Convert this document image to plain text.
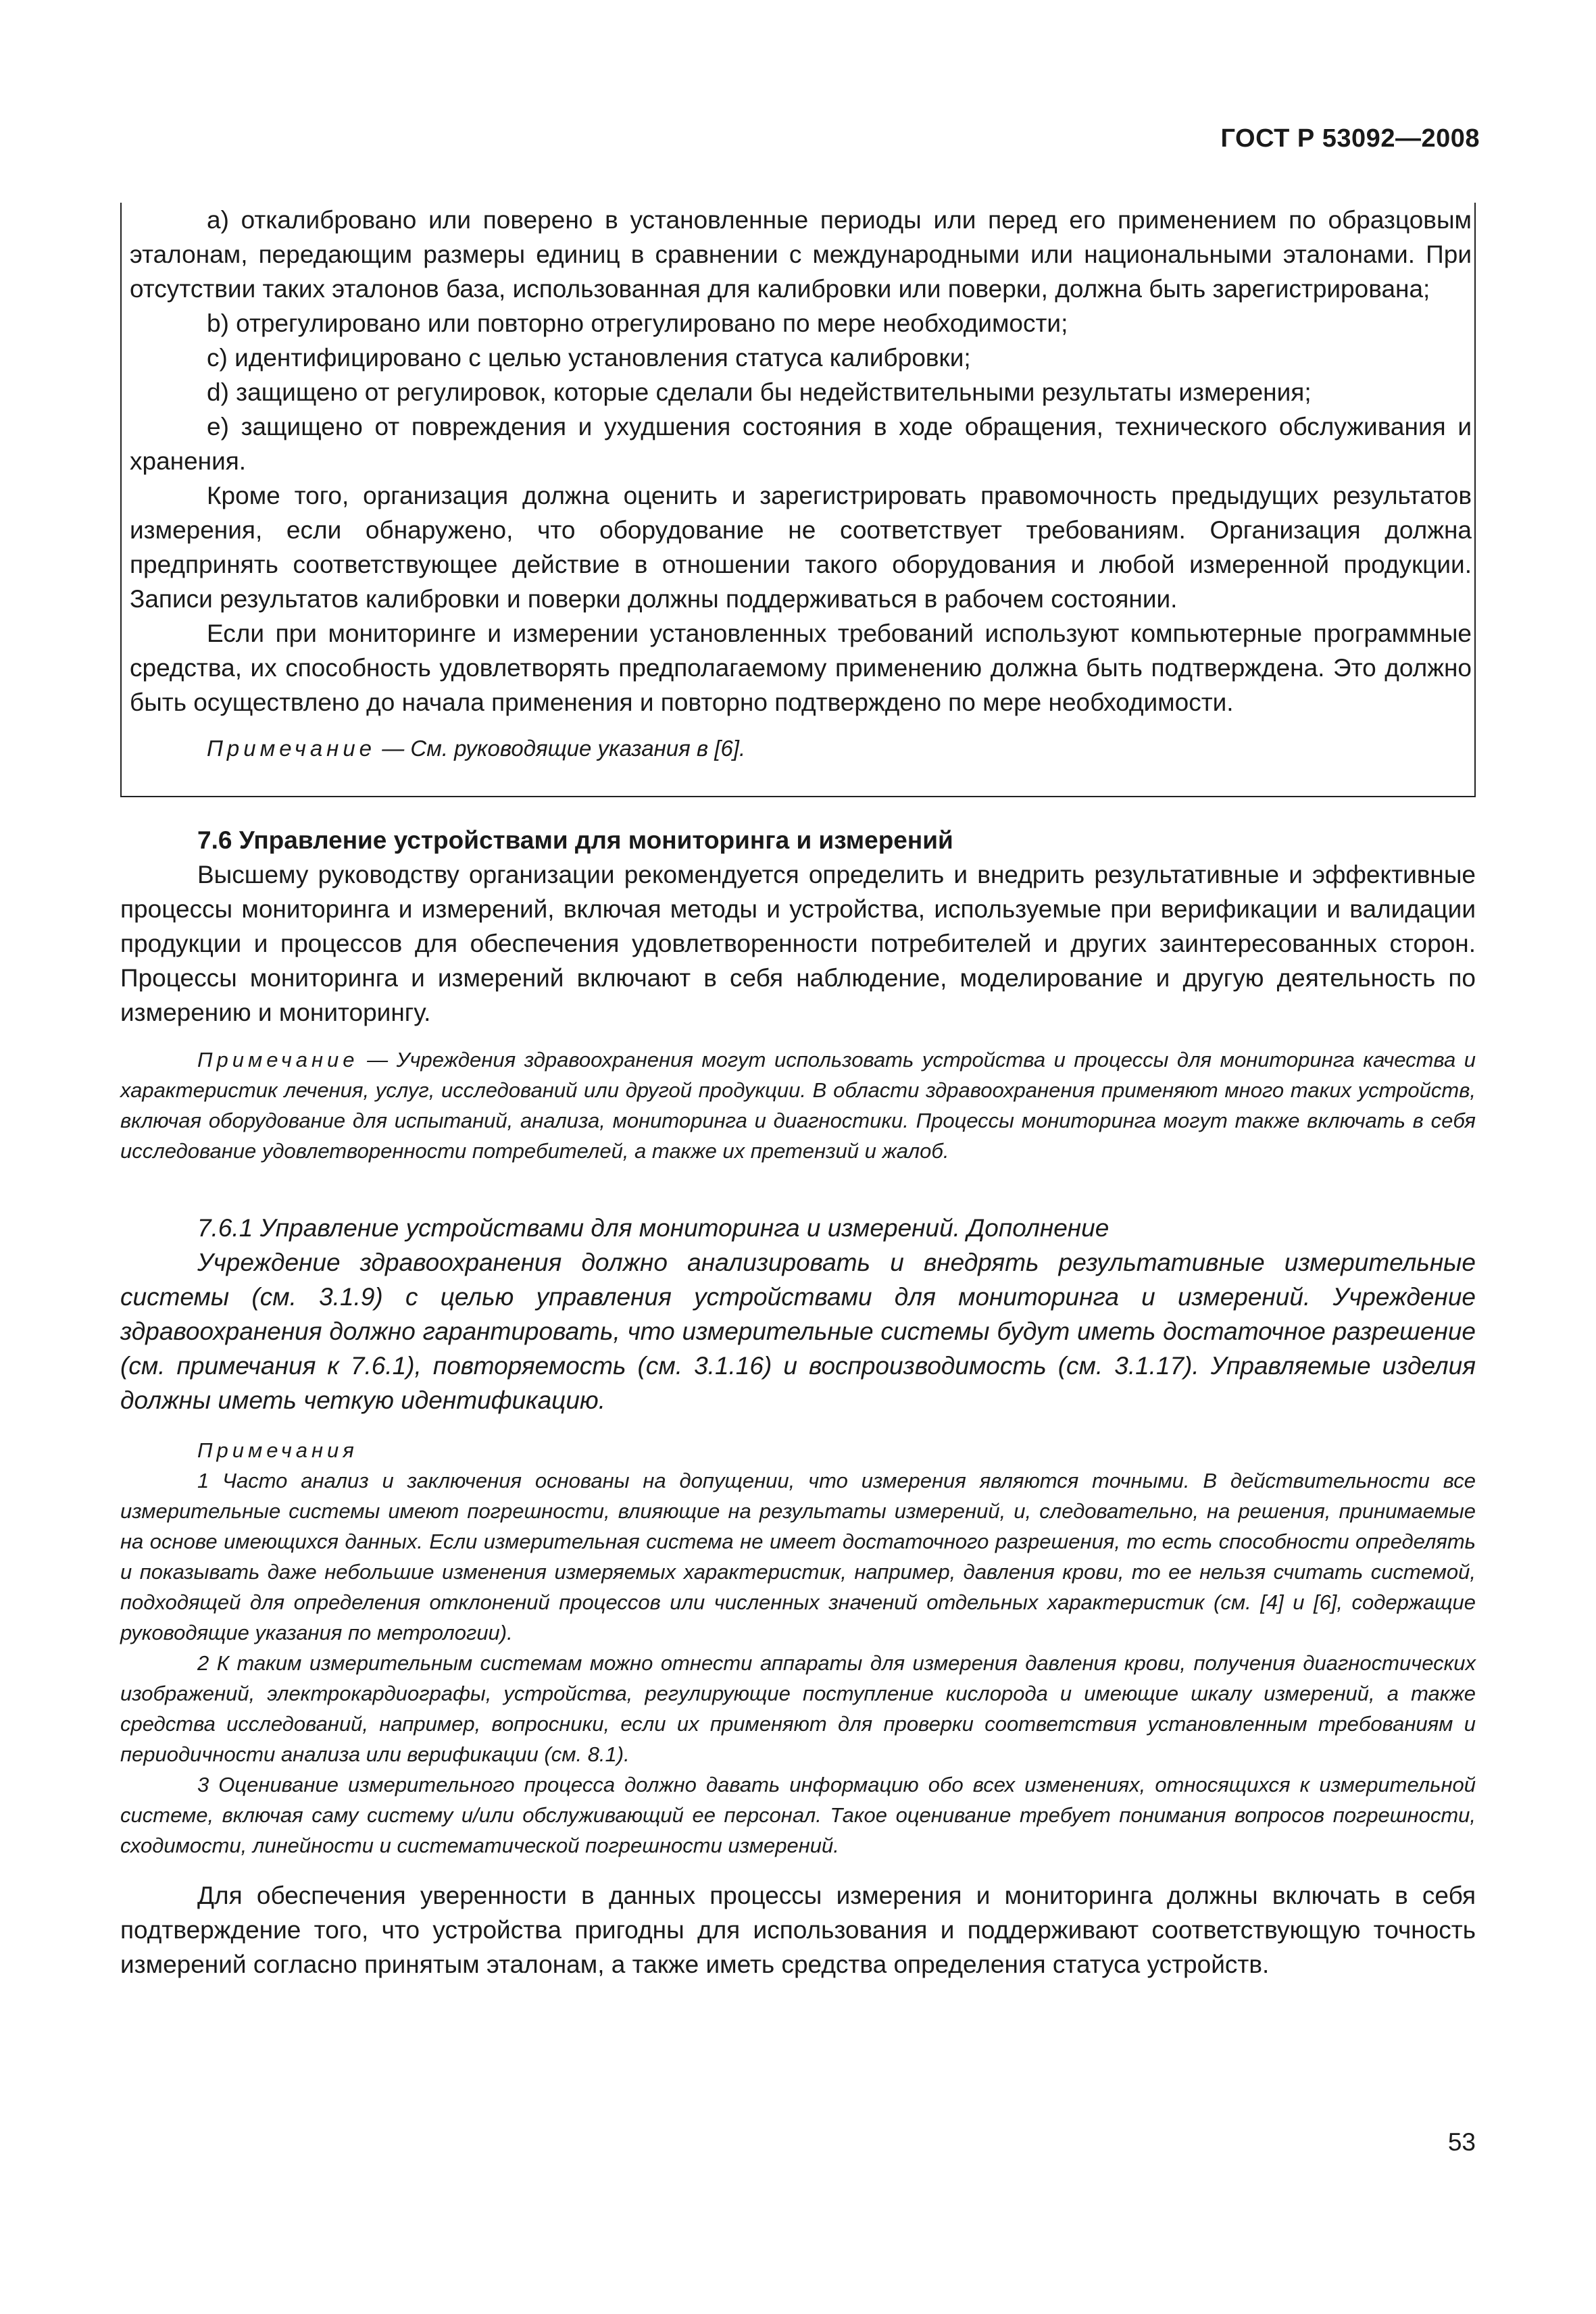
ГОСТ Р 53092—2008

a) откалибровано или поверено в установленные периоды или перед его применением по образцовым эталонам, передающим размеры единиц в сравнении с международными или национальными эталонами. При отсутствии таких эталонов база, использованная для калибровки или поверки, должна быть зарегистрирована;

b) отрегулировано или повторно отрегулировано по мере необходимости;

c) идентифицировано с целью установления статуса калибровки;

d) защищено от регулировок, которые сделали бы недействительными результаты измерения;

e) защищено от повреждения и ухудшения состояния в ходе обращения, технического обслуживания и хранения.

Кроме того, организация должна оценить и зарегистрировать правомочность предыдущих результатов измерения, если обнаружено, что оборудование не соответствует требованиям. Организация должна предпринять соответствующее действие в отношении такого оборудования и любой измеренной продукции. Записи результатов калибровки и поверки должны поддерживаться в рабочем состоянии.

Если при мониторинге и измерении установленных требований используют компьютерные программные средства, их способность удовлетворять предполагаемому применению должна быть подтверждена. Это должно быть осуществлено до начала применения и повторно подтверждено по мере необходимости.

Примечание — См. руководящие указания в [6].

7.6 Управление устройствами для мониторинга и измерений

Высшему руководству организации рекомендуется определить и внедрить результативные и эффективные процессы мониторинга и измерений, включая методы и устройства, используемые при верификации и валидации продукции и процессов для обеспечения удовлетворенности потребителей и других заинтересованных сторон. Процессы мониторинга и измерений включают в себя наблюдение, моделирование и другую деятельность по измерению и мониторингу.

Примечание — Учреждения здравоохранения могут использовать устройства и процессы для мониторинга качества и характеристик лечения, услуг, исследований или другой продукции. В области здравоохранения применяют много таких устройств, включая оборудование для испытаний, анализа, мониторинга и диагностики. Процессы мониторинга могут также включать в себя исследование удовлетворенности потребителей, а также их претензий и жалоб.

7.6.1 Управление устройствами для мониторинга и измерений. Дополнение

Учреждение здравоохранения должно анализировать и внедрять результативные измерительные системы (см. 3.1.9) с целью управления устройствами для мониторинга и измерений. Учреждение здравоохранения должно гарантировать, что измерительные системы будут иметь достаточное разрешение (см. примечания к 7.6.1), повторяемость (см. 3.1.16) и воспроизводимость (см. 3.1.17). Управляемые изделия должны иметь четкую идентификацию.

Примечания

1 Часто анализ и заключения основаны на допущении, что измерения являются точными. В действительности все измерительные системы имеют погрешности, влияющие на результаты измерений, и, следовательно, на решения, принимаемые на основе имеющихся данных. Если измерительная система не имеет достаточного разрешения, то есть способности определять и показывать даже небольшие изменения измеряемых характеристик, например, давления крови, то ее нельзя считать системой, подходящей для определения отклонений процессов или численных значений отдельных характеристик (см. [4] и [6], содержащие руководящие указания по метрологии).

2 К таким измерительным системам можно отнести аппараты для измерения давления крови, получения диагностических изображений, электрокардиографы, устройства, регулирующие поступление кислорода и имеющие шкалу измерений, а также средства исследований, например, вопросники, если их применяют для проверки соответствия установленным требованиям и периодичности анализа или верификации (см. 8.1).

3 Оценивание измерительного процесса должно давать информацию обо всех изменениях, относящихся к измерительной системе, включая саму систему и/или обслуживающий ее персонал. Такое оценивание требует понимания вопросов погрешности, сходимости, линейности и систематической погрешности измерений.

Для обеспечения уверенности в данных процессы измерения и мониторинга должны включать в себя подтверждение того, что устройства пригодны для использования и поддерживают соответствующую точность измерений согласно принятым эталонам, а также иметь средства определения статуса устройств.

53
